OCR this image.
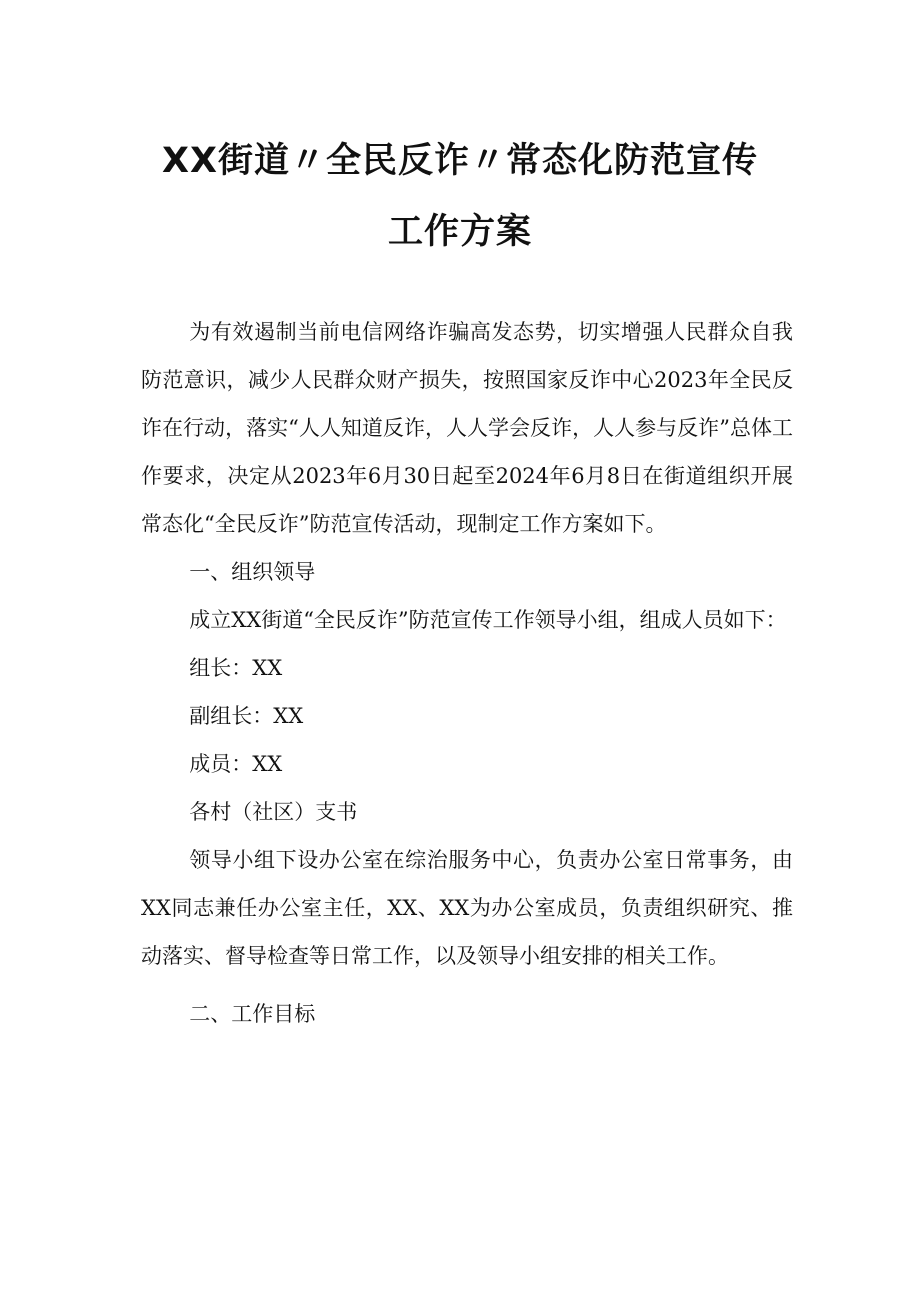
XX街道〃全民反诈〃常态化防范宣传
工作方案

为有效遏制当前电信网络诈骗高发态势，切实增强人民群众自我防范意识，减少人民群众财产损失，按照国家反诈中心2023年全民反诈在行动，落实“人人知道反诈，人人学会反诈，人人参与反诈”总体工作要求，决定从2023年6月30日起至2024年6月8日在街道组织开展常态化“全民反诈”防范宣传活动，现制定工作方案如下。

一、组织领导

成立XX街道“全民反诈”防范宣传工作领导小组，组成人员如下：

组长：XX

副组长：XX

成员：XX

各村（社区）支书

领导小组下设办公室在综治服务中心，负责办公室日常事务，由XX同志兼任办公室主任，XX、XX为办公室成员，负责组织研究、推动落实、督导检查等日常工作，以及领导小组安排的相关工作。

二、工作目标
